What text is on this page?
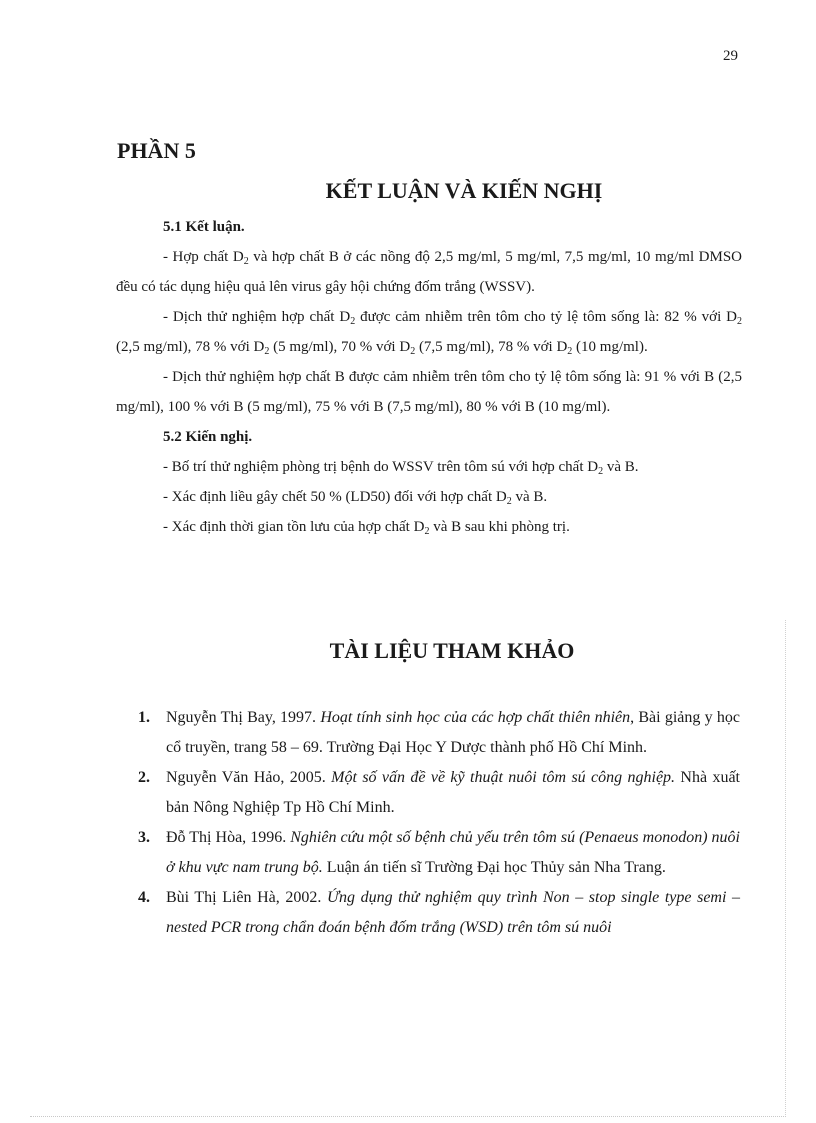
29
PHẦN 5
KẾT LUẬN VÀ KIẾN NGHỊ
5.1 Kết luận.

- Hợp chất $D_2$ và hợp chất B ở các nồng độ 2,5 mg/ml, 5 mg/ml, 7,5 mg/ml, 10 mg/ml DMSO đều có tác dụng hiệu quả lên virus gây hội chứng đốm trắng (WSSV).

- Dịch thử nghiệm hợp chất $D_2$ được cảm nhiễm trên tôm cho tỷ lệ tôm sống là: 82 % với $D_2$ (2,5 mg/ml), 78 % với $D_2$ (5 mg/ml), 70 % với $D_2$ (7,5 mg/ml), 78 % với $D_2$ (10 mg/ml).

- Dịch thử nghiệm hợp chất B được cảm nhiễm trên tôm cho tỷ lệ tôm sống là: 91 % với B (2,5 mg/ml), 100 % với B (5 mg/ml), 75 % với B (7,5 mg/ml), 80 % với B (10 mg/ml).

5.2 Kiến nghị.

- Bố trí thử nghiệm phòng trị bệnh do WSSV trên tôm sú với hợp chất $D_2$ và B.

- Xác định liều gây chết 50 % (LD50) đối với hợp chất $D_2$ và B.

- Xác định thời gian tồn lưu của hợp chất $D_2$ và B sau khi phòng trị.

TÀI LIỆU THAM KHẢO
1. Nguyễn Thị Bay, 1997. Hoạt tính sinh học của các hợp chất thiên nhiên, Bài giảng y học cổ truyền, trang 58 – 69. Trường Đại Học Y Dược thành phố Hồ Chí Minh.
2. Nguyễn Văn Hảo, 2005. Một số vấn đề về kỹ thuật nuôi tôm sú công nghiệp. Nhà xuất bản Nông Nghiệp Tp Hồ Chí Minh.
3. Đỗ Thị Hòa, 1996. Nghiên cứu một số bệnh chủ yếu trên tôm sú (Penaeus monodon) nuôi ở khu vực nam trung bộ. Luận án tiến sĩ Trường Đại học Thủy sản Nha Trang.
4. Bùi Thị Liên Hà, 2002. Ứng dụng thử nghiệm quy trình Non – stop single type semi – nested PCR trong chẩn đoán bệnh đốm trắng (WSD) trên tôm sú nuôi
